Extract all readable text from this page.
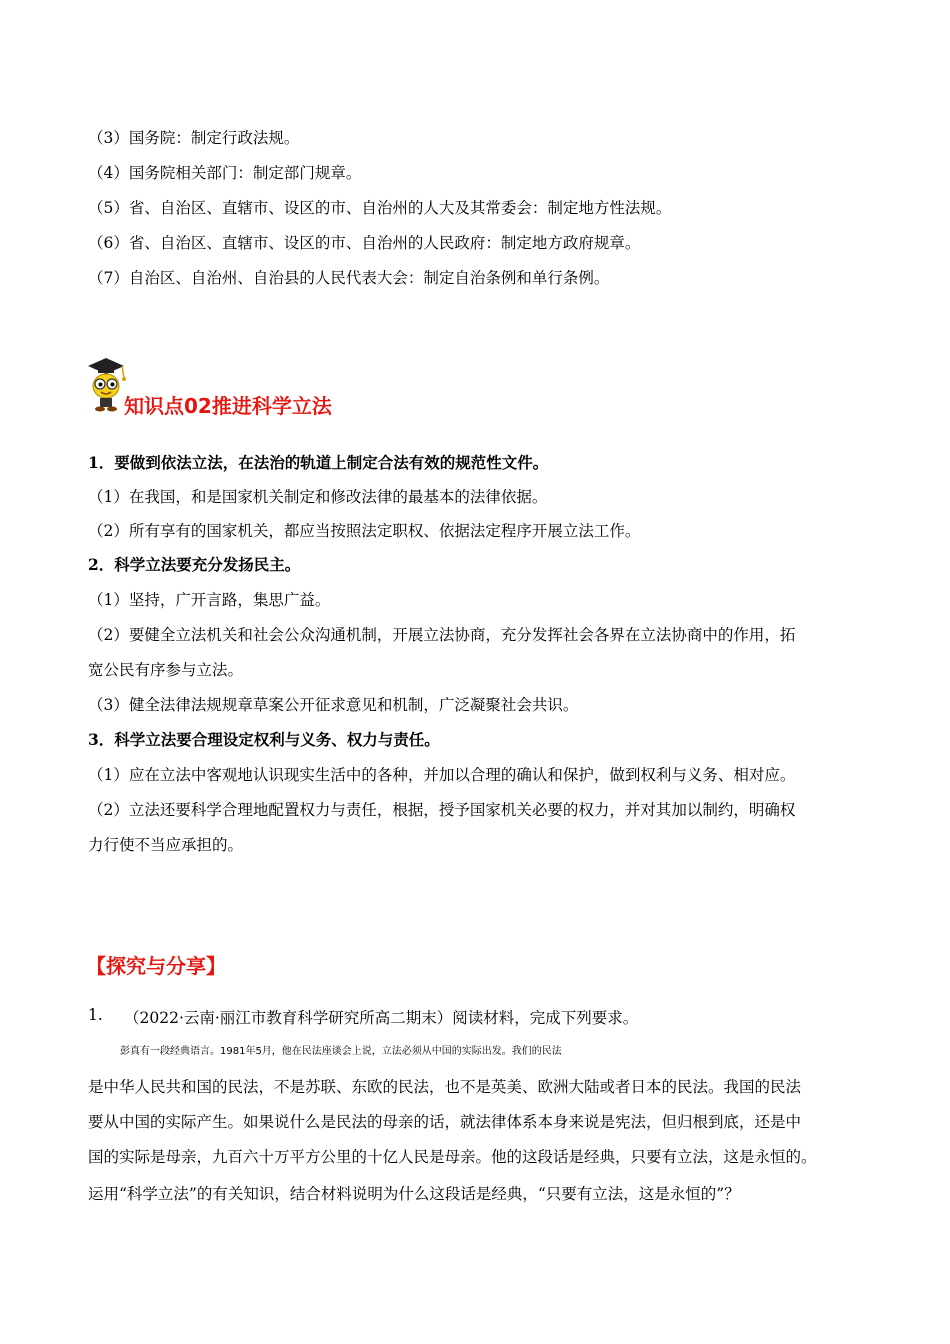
（3）国务院：制定行政法规。
（4）国务院相关部门：制定部门规章。
（5）省、自治区、直辖市、设区的市、自治州的人大及其常委会：制定地方性法规。
（6）省、自治区、直辖市、设区的市、自治州的人民政府：制定地方政府规章。
（7）自治区、自治州、自治县的人民代表大会：制定自治条例和单行条例。
知识点02推进科学立法
1．要做到依法立法，在法治的轨道上制定合法有效的规范性文件。
（1）在我国，和是国家机关制定和修改法律的最基本的法律依据。
（2）所有享有的国家机关，都应当按照法定职权、依据法定程序开展立法工作。
2．科学立法要充分发扬民主。
（1）坚持，广开言路，集思广益。
（2）要健全立法机关和社会公众沟通机制，开展立法协商，充分发挥社会各界在立法协商中的作用，拓
宽公民有序参与立法。
（3）健全法律法规规章草案公开征求意见和机制，广泛凝聚社会共识。
3．科学立法要合理设定权利与义务、权力与责任。
（1）应在立法中客观地认识现实生活中的各种，并加以合理的确认和保护，做到权利与义务、相对应。
（2）立法还要科学合理地配置权力与责任，根据，授予国家机关必要的权力，并对其加以制约，明确权
力行使不当应承担的。
【探究与分享】
1. （2022·云南·丽江市教育科学研究所高二期末）阅读材料，完成下列要求。
彭真有一段经典语言。1981年5月，他在民法座谈会上说，立法必须从中国的实际出发。我们的民法
是中华人民共和国的民法，不是苏联、东欧的民法，也不是英美、欧洲大陆或者日本的民法。我国的民法
要从中国的实际产生。如果说什么是民法的母亲的话，就法律体系本身来说是宪法，但归根到底，还是中
国的实际是母亲，九百六十万平方公里的十亿人民是母亲。他的这段话是经典，只要有立法，这是永恒的。
运用“科学立法”的有关知识，结合材料说明为什么这段话是经典，“只要有立法，这是永恒的”？
